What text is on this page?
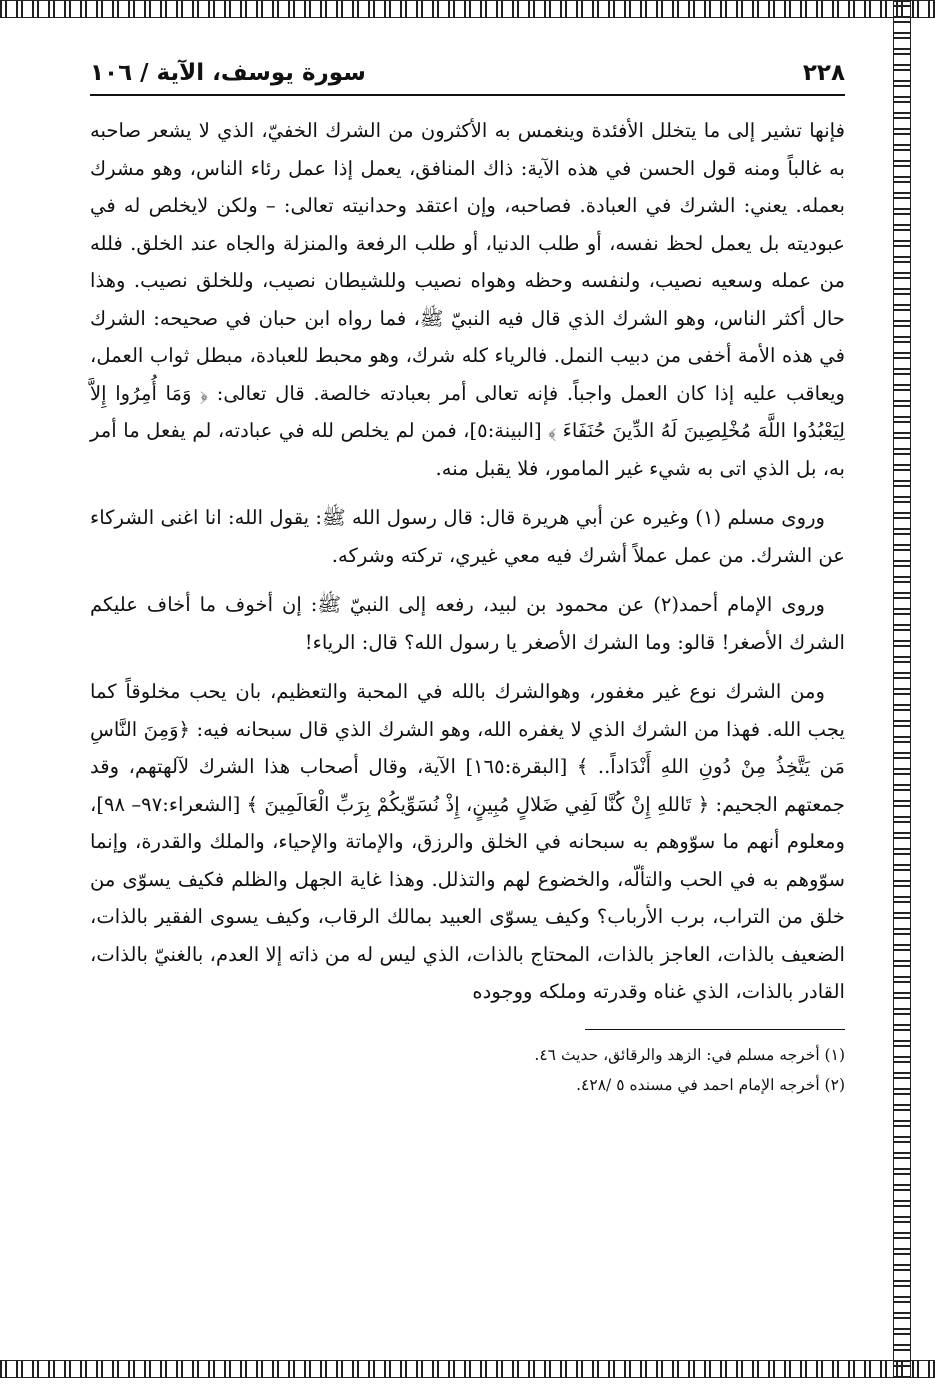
٢٢٨
سورة يوسف، الآية / ١٠٦

فإنها تشير إلى ما يتخلل الأفئدة وينغمس به الأكثرون من الشرك الخفيّ، الذي لا يشعر صاحبه به غالباً ومنه قول الحسن في هذه الآية: ذاك المنافق، يعمل إذا عمل رئاء الناس، وهو مشرك بعمله. يعني: الشرك في العبادة. فصاحبه، وإن اعتقد وحدانيته تعالى: – ولكن لايخلص له في عبوديته بل يعمل لحظ نفسه، أو طلب الدنيا، أو طلب الرفعة والمنزلة والجاه عند الخلق. فلله من عمله وسعيه نصيب، ولنفسه وحظه وهواه نصيب وللشيطان نصيب، وللخلق نصيب. وهذا حال أكثر الناس، وهو الشرك الذي قال فيه النبيّ ﷺ، فما رواه ابن حبان في صحيحه: الشرك في هذه الأمة أخفى من دبيب النمل. فالرياء كله شرك، وهو محبط للعبادة، مبطل ثواب العمل، ويعاقب عليه إذا كان العمل واجباً. فإنه تعالى أمر بعبادته خالصة. قال تعالى: ﴿ وَمَا أُمِرُوا إِلاَّ لِيَعْبُدُوا اللَّهَ مُخْلِصِينَ لَهُ الدِّينَ حُنَفَاءَ ﴾ [البينة:٥]، فمن لم يخلص لله في عبادته، لم يفعل ما أمر به، بل الذي اتى به شيء غير المامور، فلا يقبل منه.

وروى مسلم (١) وغيره عن أبي هريرة قال: قال رسول الله ﷺ: يقول الله: انا اغنى الشركاء عن الشرك. من عمل عملاً أشرك فيه معي غيري، تركته وشركه.

وروى الإمام أحمد(٢) عن محمود بن لبيد، رفعه إلى النبيّ ﷺ: إن أخوف ما أخاف عليكم الشرك الأصغر! قالو: وما الشرك الأصغر يا رسول الله؟ قال: الرياء!

ومن الشرك نوع غير مغفور، وهوالشرك بالله في المحبة والتعظيم، بان يحب مخلوقاً كما يجب الله. فهذا من الشرك الذي لا يغفره الله، وهو الشرك الذي قال سبحانه فيه: ﴿وَمِنَ النَّاسِ مَن يَتَّخِذُ مِنْ دُونِ اللهِ أَنْدَاداً.. ﴾ [البقرة:١٦٥] الآية، وقال أصحاب هذا الشرك لآلهتهم، وقد جمعتهم الجحيم: ﴿ تَاللهِ إِنْ كُنَّا لَفِي ضَلالٍ مُبِينٍ، إِذْ نُسَوِّيكُمْ بِرَبِّ الْعَالَمِينَ ﴾ [الشعراء:٩٧– ٩٨]، ومعلوم أنهم ما سوّوهم به سبحانه في الخلق والرزق، والإماتة والإحياء، والملك والقدرة، وإنما سوّوهم به في الحب والتألّه، والخضوع لهم والتذلل. وهذا غاية الجهل والظلم فكيف يسوّى من خلق من التراب، برب الأرباب؟ وكيف يسوّى العبيد بمالك الرقاب، وكيف يسوى الفقير بالذات، الضعيف بالذات، العاجز بالذات، المحتاج بالذات، الذي ليس له من ذاته إلا العدم، بالغنيّ بالذات، القادر بالذات، الذي غناه وقدرته وملكه ووجوده

(١) أخرجه مسلم في: الزهد والرقائق، حديث ٤٦.

(٢) أخرجه الإمام احمد في مسنده ٥ /٤٢٨.
